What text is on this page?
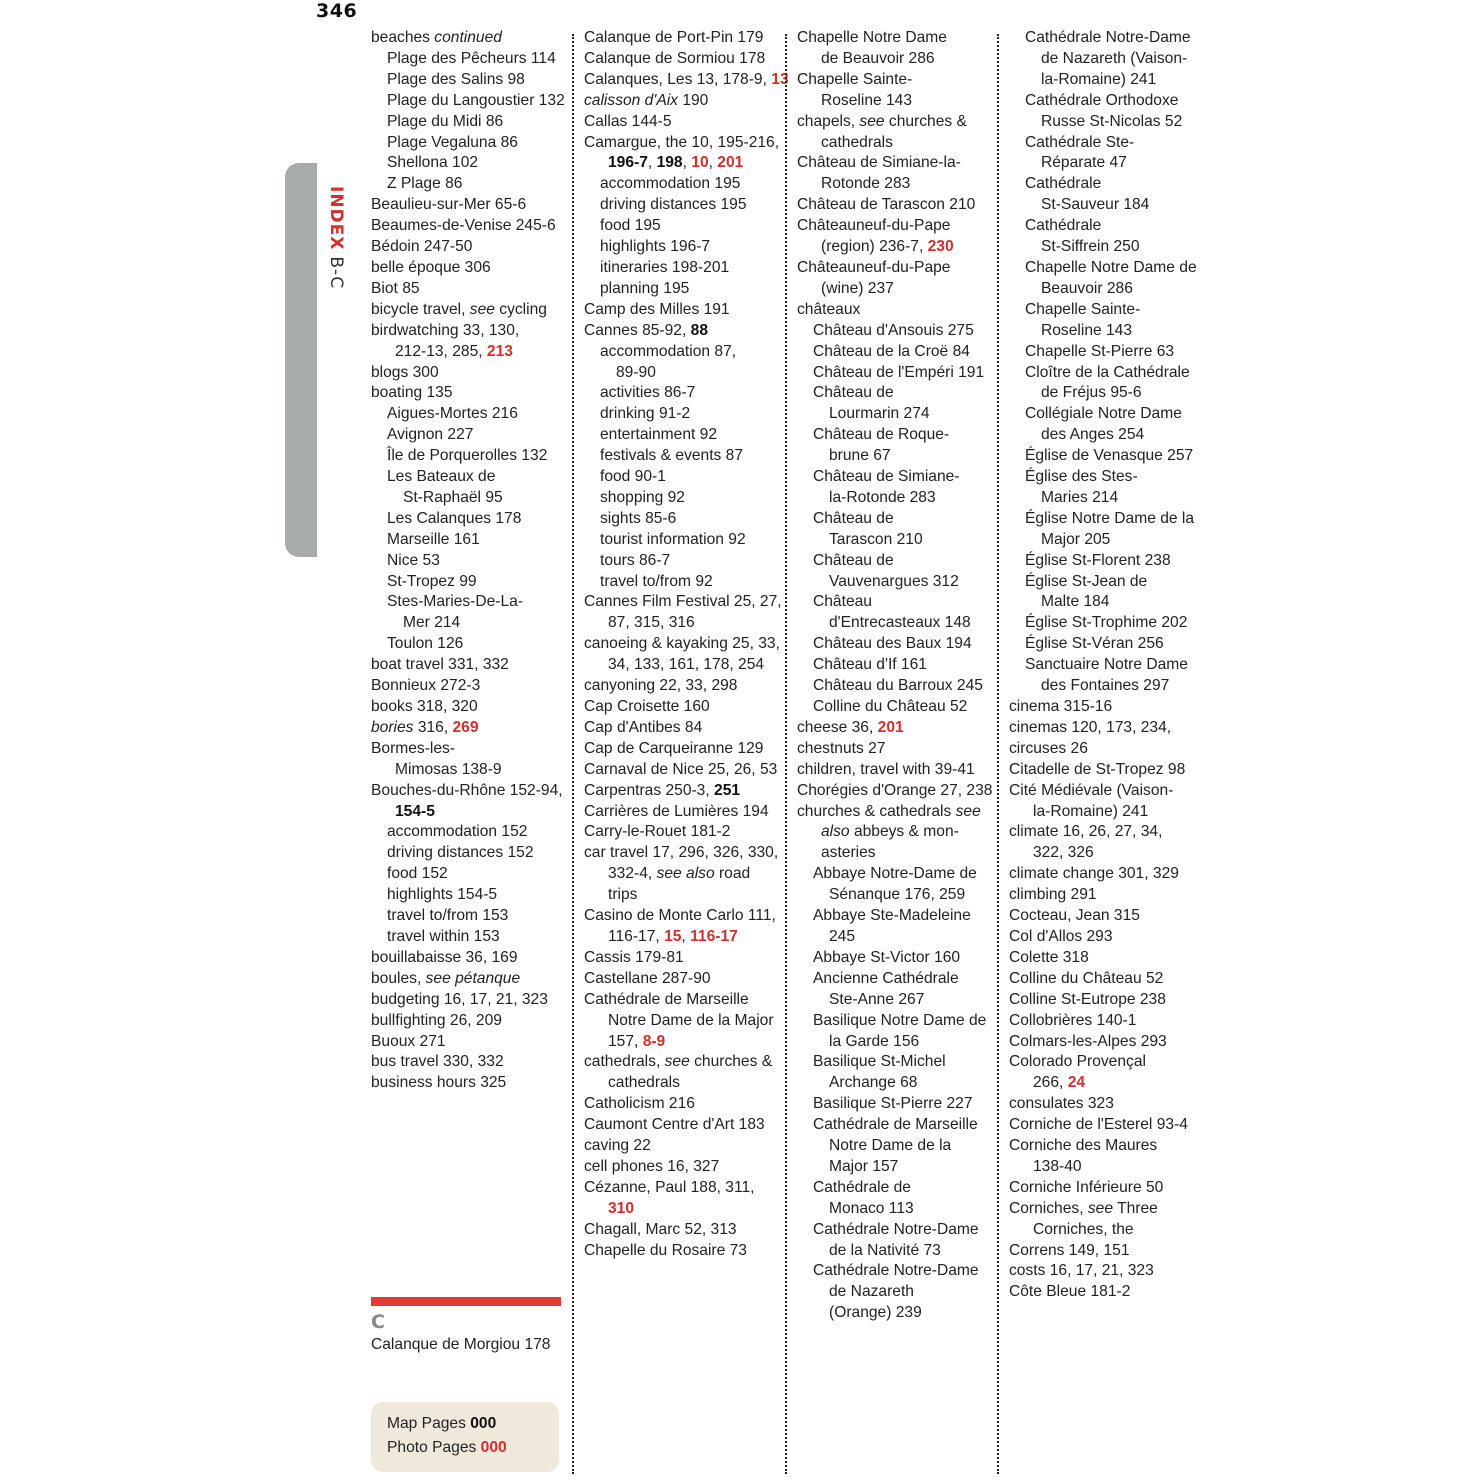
346
INDEXB-C
beaches continued
Plage des Pêcheurs 114
Plage des Salins 98
Plage du Langoustier 132
Plage du Midi 86
Plage Vegaluna 86
Shellona 102
Z Plage 86
Beaulieu-sur-Mer 65-6
Beaumes-de-Venise 245-6
Bédoin 247-50
belle époque 306
Biot 85
bicycle travel, see cycling
birdwatching 33, 130,
212-13, 285, 213
blogs 300
boating 135
Aigues-Mortes 216
Avignon 227
Île de Porquerolles 132
Les Bateaux de
St-Raphaël 95
Les Calanques 178
Marseille 161
Nice 53
St-Tropez 99
Stes-Maries-De-La-
Mer 214
Toulon 126
boat travel 331, 332
Bonnieux 272-3
books 318, 320
bories 316, 269
Bormes-les-
Mimosas 138-9
Bouches-du-Rhône 152-94,
154-5
accommodation 152
driving distances 152
food 152
highlights 154-5
travel to/from 153
travel within 153
bouillabaisse 36, 169
boules, see pétanque
budgeting 16, 17, 21, 323
bullfighting 26, 209
Buoux 271
bus travel 330, 332
business hours 325
Calanque de Port-Pin 179
Calanque de Sormiou 178
Calanques, Les 13, 178-9, 13
calisson d'Aix 190
Callas 144-5
Camargue, the 10, 195-216,
196-7, 198, 10, 201
accommodation 195
driving distances 195
food 195
highlights 196-7
itineraries 198-201
planning 195
Camp des Milles 191
Cannes 85-92, 88
accommodation 87,
89-90
activities 86-7
drinking 91-2
entertainment 92
festivals & events 87
food 90-1
shopping 92
sights 85-6
tourist information 92
tours 86-7
travel to/from 92
Cannes Film Festival 25, 27,
87, 315, 316
canoeing & kayaking 25, 33,
34, 133, 161, 178, 254
canyoning 22, 33, 298
Cap Croisette 160
Cap d'Antibes 84
Cap de Carqueiranne 129
Carnaval de Nice 25, 26, 53
Carpentras 250-3, 251
Carrières de Lumières 194
Carry-le-Rouet 181-2
car travel 17, 296, 326, 330,
332-4, see also road
trips
Casino de Monte Carlo 111,
116-17, 15, 116-17
Cassis 179-81
Castellane 287-90
Cathédrale de Marseille
Notre Dame de la Major
157, 8-9
cathedrals, see churches &
cathedrals
Catholicism 216
Caumont Centre d'Art 183
caving 22
cell phones 16, 327
Cézanne, Paul 188, 311,
310
Chagall, Marc 52, 313
Chapelle du Rosaire 73
Chapelle Notre Dame
de Beauvoir 286
Chapelle Sainte-
Roseline 143
chapels, see churches &
cathedrals
Château de Simiane-la-
Rotonde 283
Château de Tarascon 210
Châteauneuf-du-Pape
(region) 236-7, 230
Châteauneuf-du-Pape
(wine) 237
châteaux
Château d'Ansouis 275
Château de la Croë 84
Château de l'Empéri 191
Château de
Lourmarin 274
Château de Roque-
brune 67
Château de Simiane-
la-Rotonde 283
Château de
Tarascon 210
Château de
Vauvenargues 312
Château
d'Entrecasteaux 148
Château des Baux 194
Château d'If 161
Château du Barroux 245
Colline du Château 52
cheese 36, 201
chestnuts 27
children, travel with 39-41
Chorégies d'Orange 27, 238
churches & cathedrals see
also abbeys & mon-
asteries
Abbaye Notre-Dame de
Sénanque 176, 259
Abbaye Ste-Madeleine
245
Abbaye St-Victor 160
Ancienne Cathédrale
Ste-Anne 267
Basilique Notre Dame de
la Garde 156
Basilique St-Michel
Archange 68
Basilique St-Pierre 227
Cathédrale de Marseille
Notre Dame de la
Major 157
Cathédrale de
Monaco 113
Cathédrale Notre-Dame
de la Nativité 73
Cathédrale Notre-Dame
de Nazareth
(Orange) 239
Cathédrale Notre-Dame
de Nazareth (Vaison-
la-Romaine) 241
Cathédrale Orthodoxe
Russe St-Nicolas 52
Cathédrale Ste-
Réparate 47
Cathédrale
St-Sauveur 184
Cathédrale
St-Siffrein 250
Chapelle Notre Dame de
Beauvoir 286
Chapelle Sainte-
Roseline 143
Chapelle St-Pierre 63
Cloître de la Cathédrale
de Fréjus 95-6
Collégiale Notre Dame
des Anges 254
Église de Venasque 257
Église des Stes-
Maries 214
Église Notre Dame de la
Major 205
Église St-Florent 238
Église St-Jean de
Malte 184
Église St-Trophime 202
Église St-Véran 256
Sanctuaire Notre Dame
des Fontaines 297
cinema 315-16
cinemas 120, 173, 234,
circuses 26
Citadelle de St-Tropez 98
Cité Médiévale (Vaison-
la-Romaine) 241
climate 16, 26, 27, 34,
322, 326
climate change 301, 329
climbing 291
Cocteau, Jean 315
Col d'Allos 293
Colette 318
Colline du Château 52
Colline St-Eutrope 238
Collobrières 140-1
Colmars-les-Alpes 293
Colorado Provençal
266, 24
consulates 323
Corniche de l'Esterel 93-4
Corniche des Maures
138-40
Corniche Inférieure 50
Corniches, see Three
Corniches, the
Correns 149, 151
costs 16, 17, 21, 323
Côte Bleue 181-2
C
Calanque de Morgiou 178
Map Pages 000
Photo Pages 000
